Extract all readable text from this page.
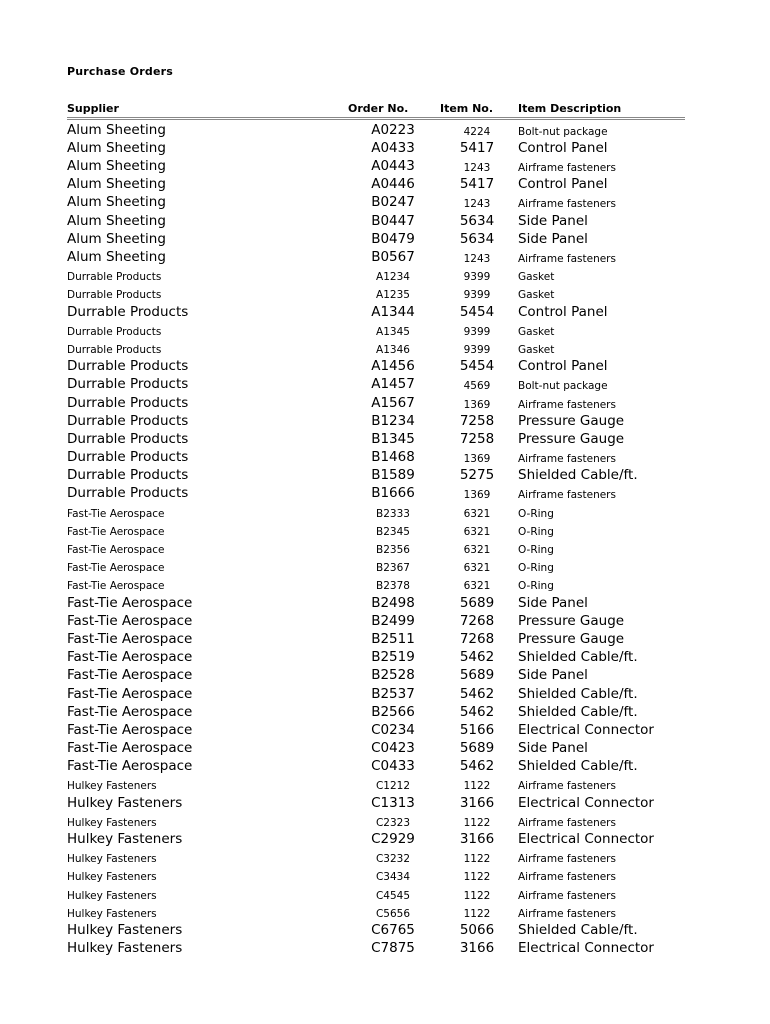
Purchase Orders
Supplier	Order No.	Item No. Item Description
Alum Sheeting	A0223	4224	Bolt-nut package
Alum Sheeting	A0433	5417	Control Panel
Alum Sheeting	A0443	1243	Airframe fasteners
Alum Sheeting	A0446	5417	Control Panel
Alum Sheeting	B0247	1243	Airframe fasteners
Alum Sheeting	B0447	5634	Side Panel
Alum Sheeting	B0479	5634	Side Panel
Alum Sheeting	B0567	1243	Airframe fasteners
Durrable Products	A1234	9399	Gasket
Durrable Products	A1235	9399	Gasket
Durrable Products	A1344	5454	Control Panel
Durrable Products	A1345	9399	Gasket
Durrable Products	A1346	9399	Gasket
Durrable Products	A1456	5454	Control Panel
Durrable Products	A1457	4569	Bolt-nut package
Durrable Products	A1567	1369	Airframe fasteners
Durrable Products	B1234	7258	Pressure Gauge
Durrable Products	B1345	7258	Pressure Gauge
Durrable Products	B1468	1369	Airframe fasteners
Durrable Products	B1589	5275	Shielded Cable/ft.
Durrable Products	B1666	1369	Airframe fasteners
Fast-Tie Aerospace	B2333	6321	O-Ring
Fast-Tie Aerospace	B2345	6321	O-Ring
Fast-Tie Aerospace	B2356	6321	O-Ring
Fast-Tie Aerospace	B2367	6321	O-Ring
Fast-Tie Aerospace	B2378	6321	O-Ring
Fast-Tie Aerospace	B2498	5689	Side Panel
Fast-Tie Aerospace	B2499	7268	Pressure Gauge
Fast-Tie Aerospace	B2511	7268	Pressure Gauge
Fast-Tie Aerospace	B2519	5462	Shielded Cable/ft.
Fast-Tie Aerospace	B2528	5689	Side Panel
Fast-Tie Aerospace	B2537	5462	Shielded Cable/ft.
Fast-Tie Aerospace	B2566	5462	Shielded Cable/ft.
Fast-Tie Aerospace	C0234	5166	Electrical Connector
Fast-Tie Aerospace	C0423	5689	Side Panel
Fast-Tie Aerospace	C0433	5462	Shielded Cable/ft.
Hulkey Fasteners	C1212	1122	Airframe fasteners
Hulkey Fasteners	C1313	3166	Electrical Connector
Hulkey Fasteners	C2323	1122	Airframe fasteners
Hulkey Fasteners	C2929	3166	Electrical Connector
Hulkey Fasteners	C3232	1122	Airframe fasteners
Hulkey Fasteners	C3434	1122	Airframe fasteners
Hulkey Fasteners	C4545	1122	Airframe fasteners
Hulkey Fasteners	C5656	1122	Airframe fasteners
Hulkey Fasteners	C6765	5066	Shielded Cable/ft.
Hulkey Fasteners	C7875	3166	Electrical Connector
